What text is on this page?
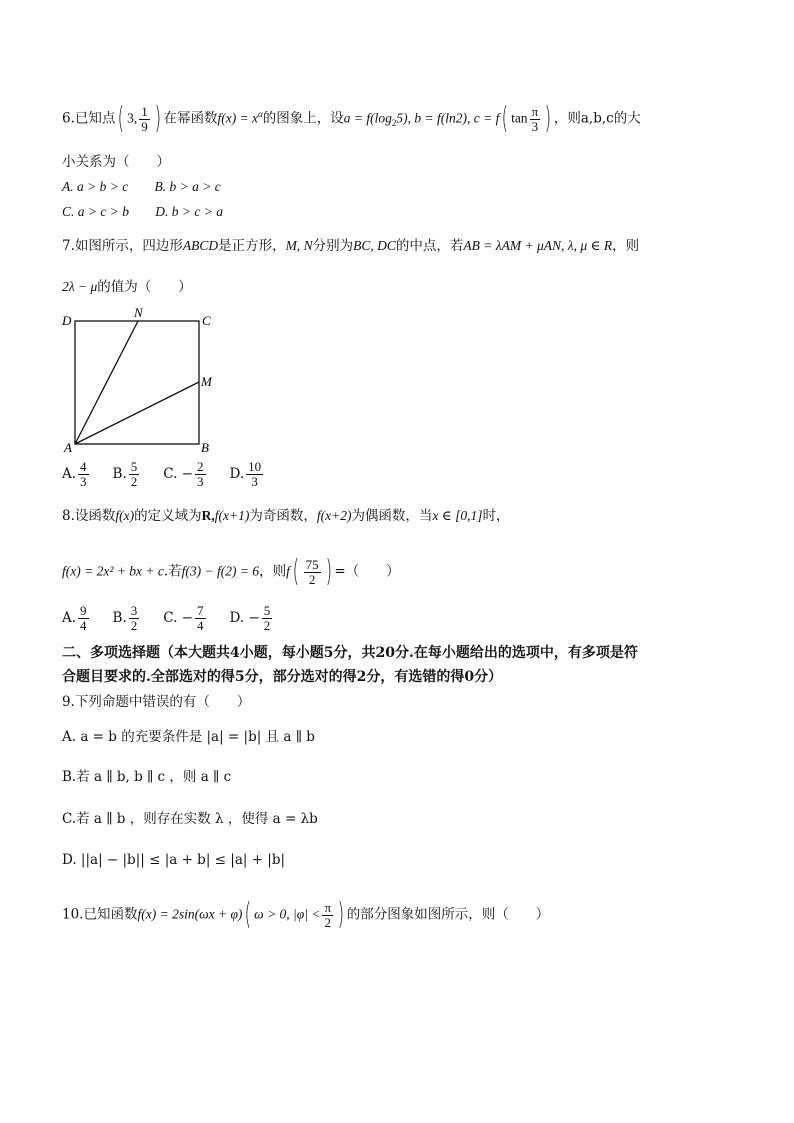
6.已知点( 3, $\frac{1}{9}$ ) 在幂函数$f(x) = x^\alpha$的图象上，设$a = f(\log_25)$, b = f(ln2), c = f( $\tan \frac{\pi}{3}$ ) ，则a,b,c的大
小关系为（　　）
A. a > b > c B. b > a > c
C. a > c > b D. b > c > a
7.如图所示，四边形ABCD是正方形，M, N分别为BC, DC的中点，若AB = λAM + μAN, λ, μ ∈ R，则
2λ − μ的值为（　　）
D
N
C
M
A	B
A. $\frac{4}{3} B$. $\frac{5}{2} C$. − $\frac{2}{3} D$. $\frac{10}{3}$
8.设函数f(x)的定义域为R,f(x+1)为奇函数，f(x+2)为偶函数，当x ∈ [0,1]时，
f(x) = 2x² + bx + c.若f(3) − f(2) = 6，则$f( \frac{75}{2}$ ) =（　　）
A. $\frac{9}{4} B$. $\frac{3}{2} C$. − $\frac{7}{4} D$. − $\frac{5}{2}$
二、多项选择题（本大题共4小题，每小题5分，共20分.在每小题给出的选项中，有多项是符
合题目要求的.全部选对的得5分，部分选对的得2分，有选错的得0分）
9.下列命题中错误的有（　　）
A. a = b 的充要条件是 |a| = |b| 且 a ∥ b
B.若 a ∥ b, b ∥ c ，则 a ∥ c
C.若 a ∥ b ，则存在实数 λ ，使得 a = λb
D. ||a| − |b|| ≤ |a + b| ≤ |a| + |b|
10.已知函数f(x) = 2sin(ωx + φ)( ω > 0, $|\varphi| < \frac{\pi}{2}$ ) 的部分图象如图所示，则（　　）
